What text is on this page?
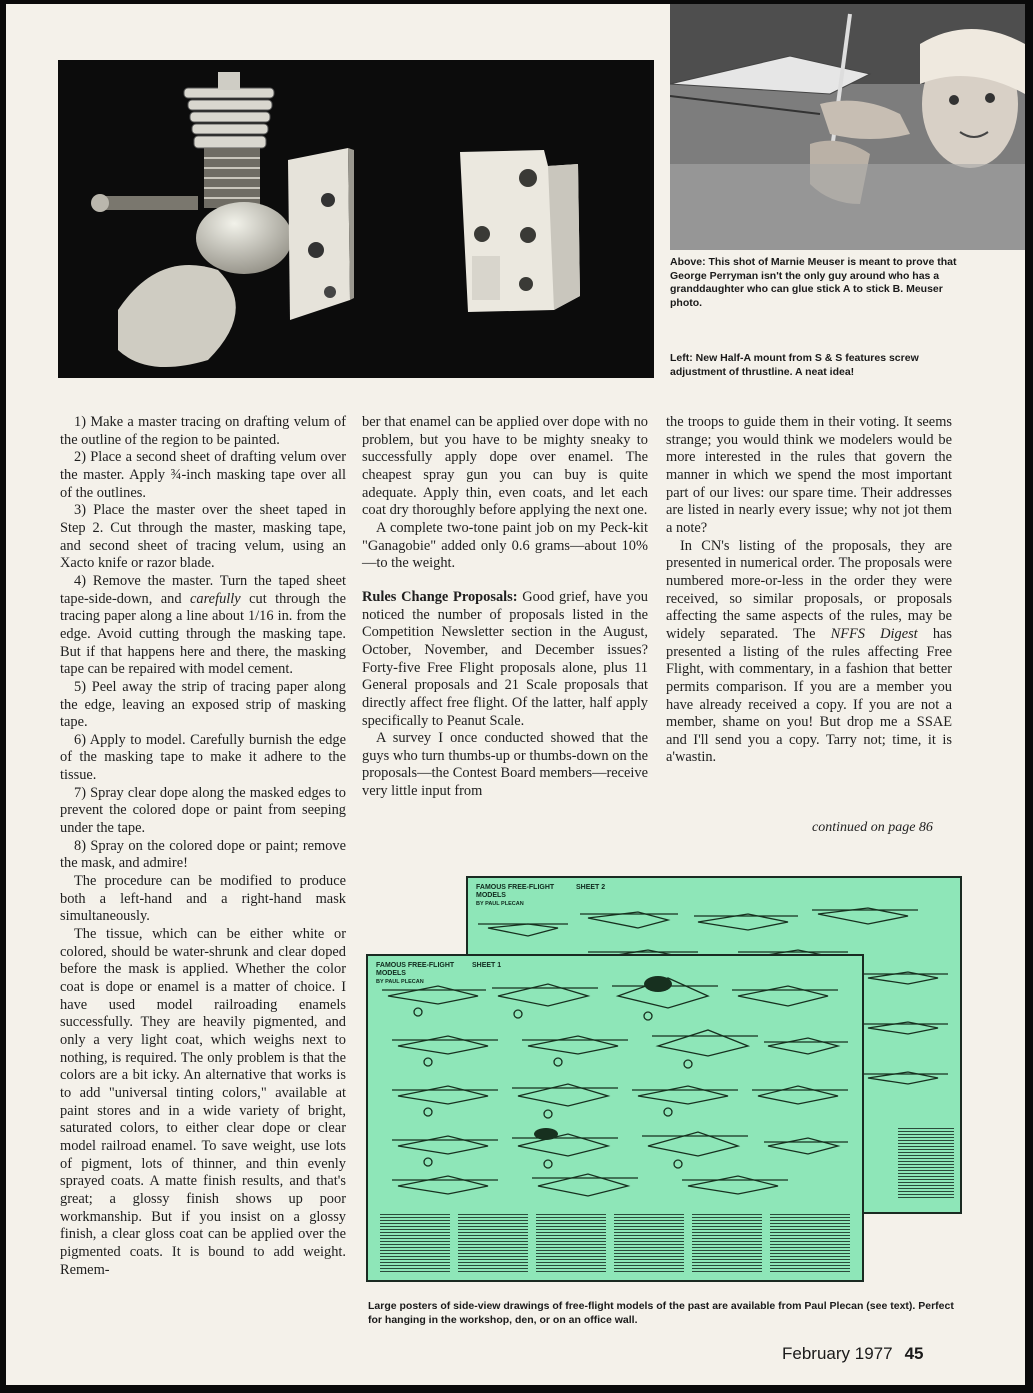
Above: This shot of Marnie Meuser is meant to prove that George Perryman isn't the only guy around who has a granddaughter who can glue stick A to stick B. Meuser photo.
Left: New Half-A mount from S & S features screw adjustment of thrustline. A neat idea!

1) Make a master tracing on drafting velum of the outline of the region to be painted.

2) Place a second sheet of drafting velum over the master. Apply ¾-inch masking tape over all of the outlines.

3) Place the master over the sheet taped in Step 2. Cut through the master, masking tape, and second sheet of tracing velum, using an Xacto knife or razor blade.

4) Remove the master. Turn the taped sheet tape-side-down, and carefully cut through the tracing paper along a line about 1/16 in. from the edge. Avoid cutting through the masking tape. But if that happens here and there, the masking tape can be repaired with model cement.

5) Peel away the strip of tracing paper along the edge, leaving an exposed strip of masking tape.

6) Apply to model. Carefully burnish the edge of the masking tape to make it adhere to the tissue.

7) Spray clear dope along the masked edges to prevent the colored dope or paint from seeping under the tape.

8) Spray on the colored dope or paint; remove the mask, and admire!

The procedure can be modified to produce both a left-hand and a right-hand mask simultaneously.

The tissue, which can be either white or colored, should be water-shrunk and clear doped before the mask is applied. Whether the color coat is dope or enamel is a matter of choice. I have used model railroading enamels successfully. They are heavily pigmented, and only a very light coat, which weighs next to nothing, is required. The only problem is that the colors are a bit icky. An alternative that works is to add "universal tinting colors," available at paint stores and in a wide variety of bright, saturated colors, to either clear dope or clear model railroad enamel. To save weight, use lots of pigment, lots of thinner, and thin evenly sprayed coats. A matte finish results, and that's great; a glossy finish shows up poor workmanship. But if you insist on a glossy finish, a clear gloss coat can be applied over the pigmented coats. It is bound to add weight. Remem-

ber that enamel can be applied over dope with no problem, but you have to be mighty sneaky to successfully apply dope over enamel. The cheapest spray gun you can buy is quite adequate. Apply thin, even coats, and let each coat dry thoroughly before applying the next one.

A complete two-tone paint job on my Peck-kit "Ganagobie" added only 0.6 grams—about 10%—to the weight.

Rules Change Proposals: Good grief, have you noticed the number of proposals listed in the Competition Newsletter section in the August, October, November, and December issues? Forty-five Free Flight proposals alone, plus 11 General proposals and 21 Scale proposals that directly affect free flight. Of the latter, half apply specifically to Peanut Scale.

A survey I once conducted showed that the guys who turn thumbs-up or thumbs-down on the proposals—the Contest Board members—receive very little input from

the troops to guide them in their voting. It seems strange; you would think we modelers would be more interested in the rules that govern the manner in which we spend the most important part of our lives: our spare time. Their addresses are listed in nearly every issue; why not jot them a note?

In CN's listing of the proposals, they are presented in numerical order. The proposals were numbered more-or-less in the order they were received, so similar proposals, or proposals affecting the same aspects of the rules, may be widely separated. The NFFS Digest has presented a listing of the rules affecting Free Flight, with commentary, in a fashion that better permits comparison. If you are a member you have already received a copy. If you are not a member, shame on you! But drop me a SSAE and I'll send you a copy. Tarry not; time, it is a'wastin.

continued on page 86
FAMOUS FREE-FLIGHT
MODELS
BY PAUL PLECAN
SHEET 2
FAMOUS FREE-FLIGHT
MODELS
BY PAUL PLECAN
SHEET 1
Large posters of side-view drawings of free-flight models of the past are available from Paul Plecan (see text). Perfect for hanging in the workshop, den, or on an office wall.
February 1977 45
